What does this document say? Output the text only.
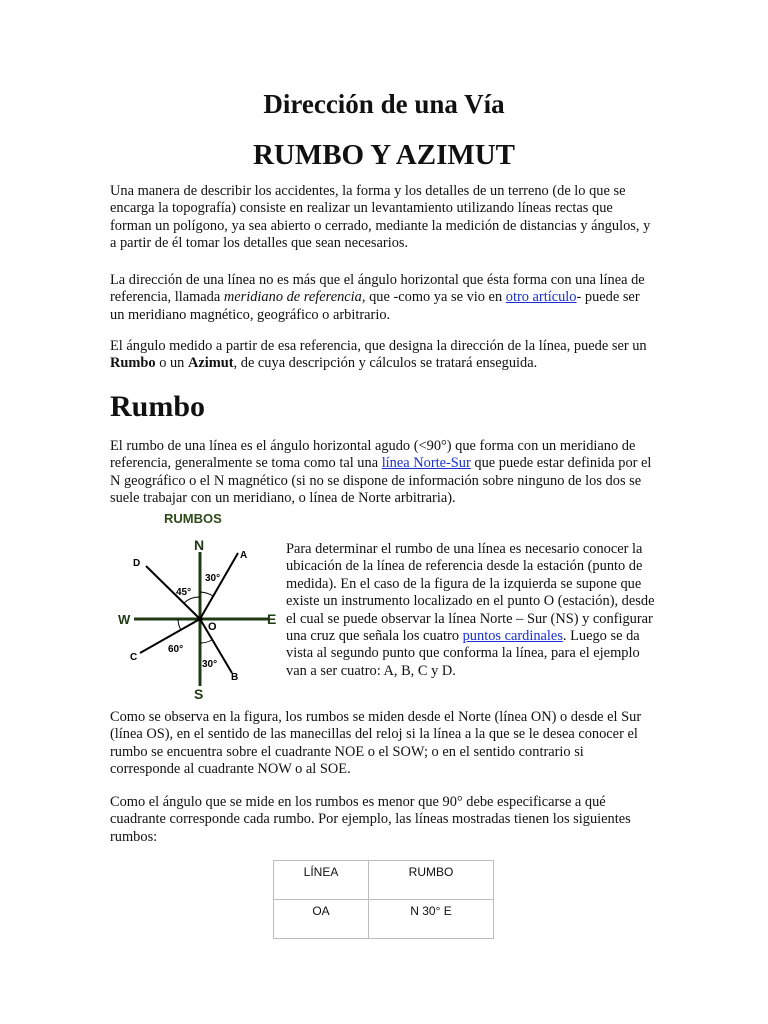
Dirección de una Vía
RUMBO Y AZIMUT

Una manera de describir los accidentes, la forma y los detalles de un terreno (de lo que se encarga la topografía) consiste en realizar un levantamiento utilizando líneas rectas que forman un polígono, ya sea abierto o cerrado, mediante la medición de distancias y ángulos, y a partir de él tomar los detalles que sean necesarios.

La dirección de una línea no es más que el ángulo horizontal que ésta forma con una línea de referencia, llamada meridiano de referencia, que -como ya se vio en otro artículo- puede ser un meridiano magnético, geográfico o arbitrario.

El ángulo medido a partir de esa referencia, que designa la dirección de la línea, puede ser un Rumbo o un Azimut, de cuya descripción y cálculos se tratará enseguida.

Rumbo

El rumbo de una línea es el ángulo horizontal agudo (<90°) que forma con un meridiano de referencia, generalmente se toma como tal una línea Norte-Sur que puede estar definida por el N geográfico o el N magnético (si no se dispone de información sobre ninguno de los dos se suele trabajar con un meridiano, o línea de Norte arbitraria).

RUMBOS
N
S
E
W	O
A
B
C
D
30°
45°
60°
30°

Para determinar el rumbo de una línea es necesario conocer la ubicación de la línea de referencia desde la estación (punto de medida). En el caso de la figura de la izquierda se supone que existe un instrumento localizado en el punto O (estación), desde el cual se puede observar la línea Norte – Sur (NS) y configurar una cruz que señala los cuatro puntos cardinales. Luego se da vista al segundo punto que conforma la línea, para el ejemplo van a ser cuatro: A, B, C y D.

Como se observa en la figura, los rumbos se miden desde el Norte (línea ON) o desde el Sur (línea OS), en el sentido de las manecillas del reloj si la línea a la que se le desea conocer el rumbo se encuentra sobre el cuadrante NOE o el SOW; o en el sentido contrario si corresponde al cuadrante NOW o al SOE.

Como el ángulo que se mide en los rumbos es menor que 90° debe especificarse a qué cuadrante corresponde cada rumbo. Por ejemplo, las líneas mostradas tienen los siguientes rumbos:

LÍNEA	RUMBO
OA	N 30° E
